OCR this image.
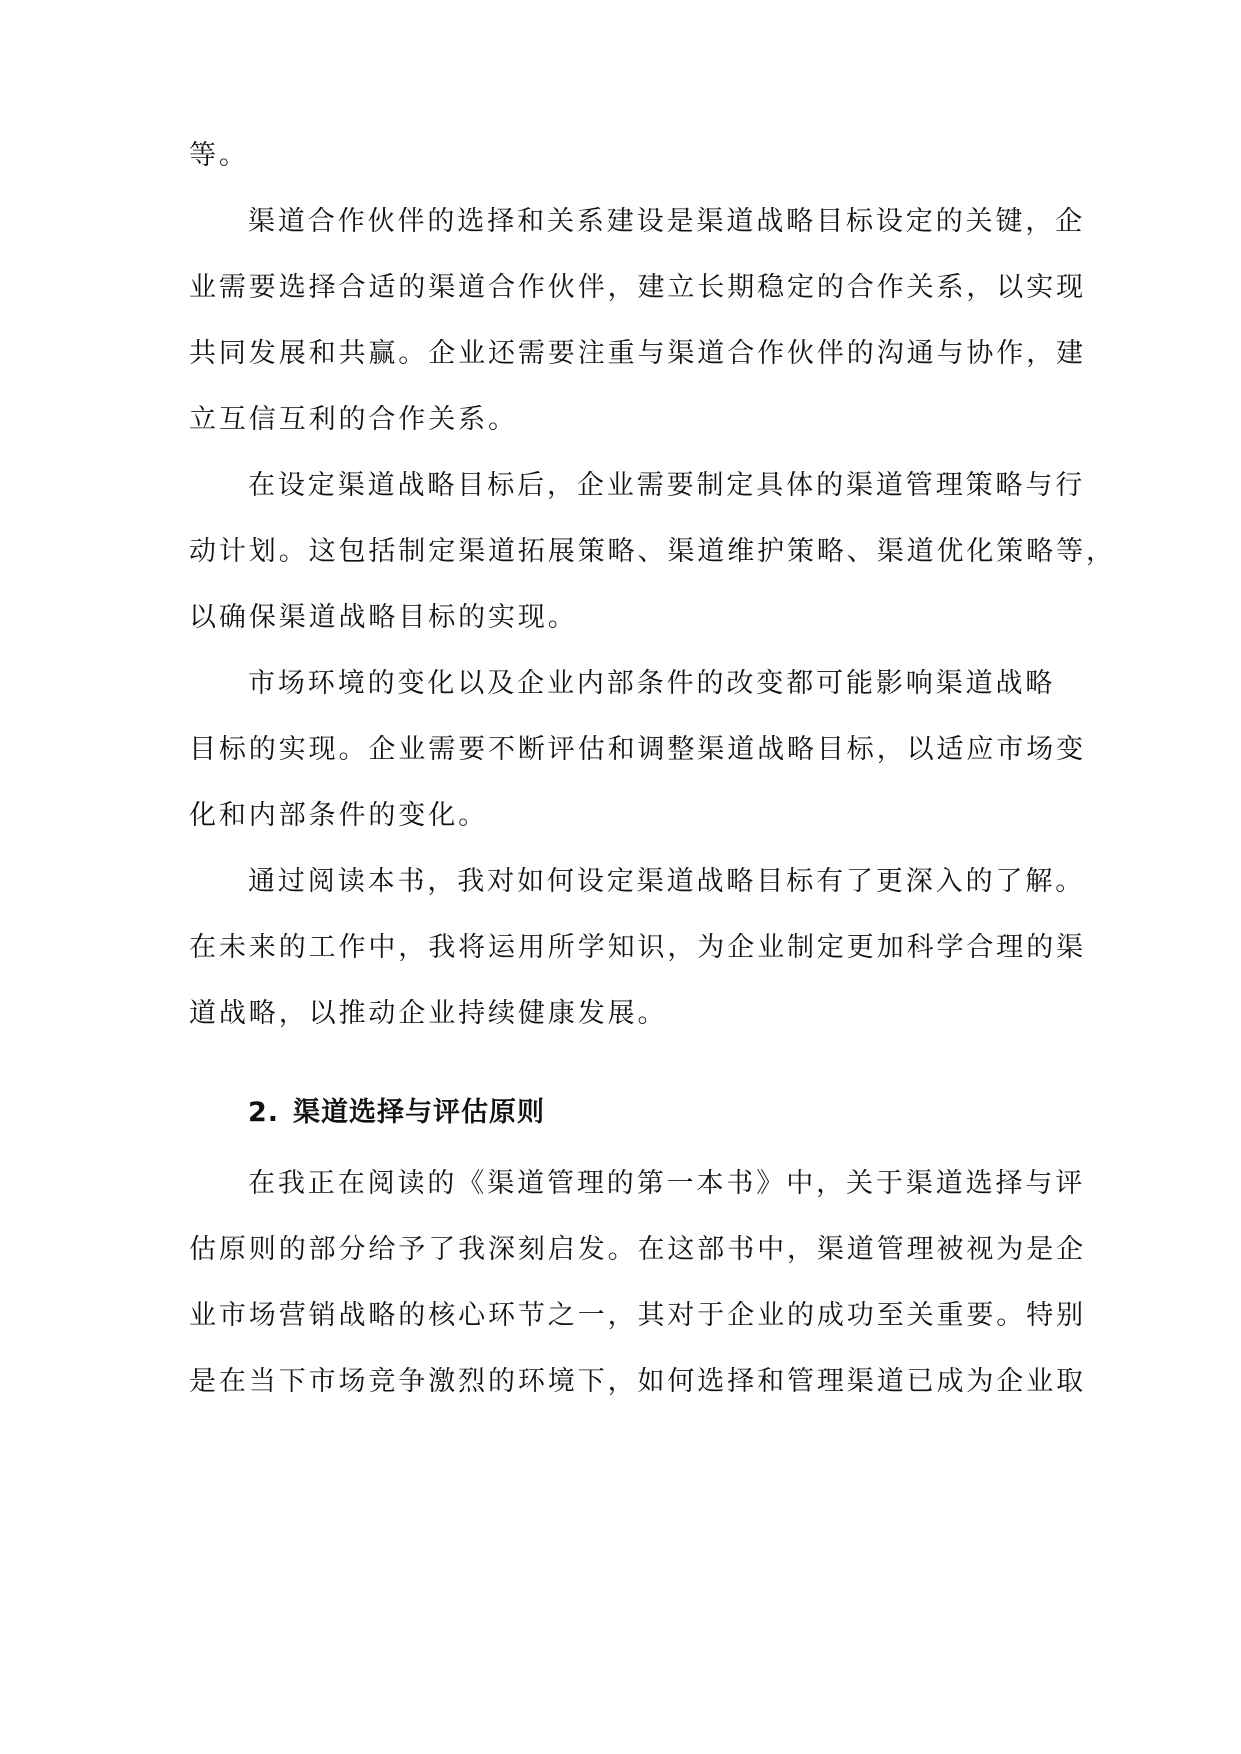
等。
渠道合作伙伴的选择和关系建设是渠道战略目标设定的关键，企
业需要选择合适的渠道合作伙伴，建立长期稳定的合作关系，以实现
共同发展和共赢。企业还需要注重与渠道合作伙伴的沟通与协作，建
立互信互利的合作关系。
在设定渠道战略目标后，企业需要制定具体的渠道管理策略与行
动计划。这包括制定渠道拓展策略、渠道维护策略、渠道优化策略等，
以确保渠道战略目标的实现。
市场环境的变化以及企业内部条件的改变都可能影响渠道战略
目标的实现。企业需要不断评估和调整渠道战略目标，以适应市场变
化和内部条件的变化。
通过阅读本书，我对如何设定渠道战略目标有了更深入的了解。
在未来的工作中，我将运用所学知识，为企业制定更加科学合理的渠
道战略，以推动企业持续健康发展。
2. 渠道选择与评估原则
在我正在阅读的《渠道管理的第一本书》中，关于渠道选择与评
估原则的部分给予了我深刻启发。在这部书中，渠道管理被视为是企
业市场营销战略的核心环节之一，其对于企业的成功至关重要。特别
是在当下市场竞争激烈的环境下，如何选择和管理渠道已成为企业取
